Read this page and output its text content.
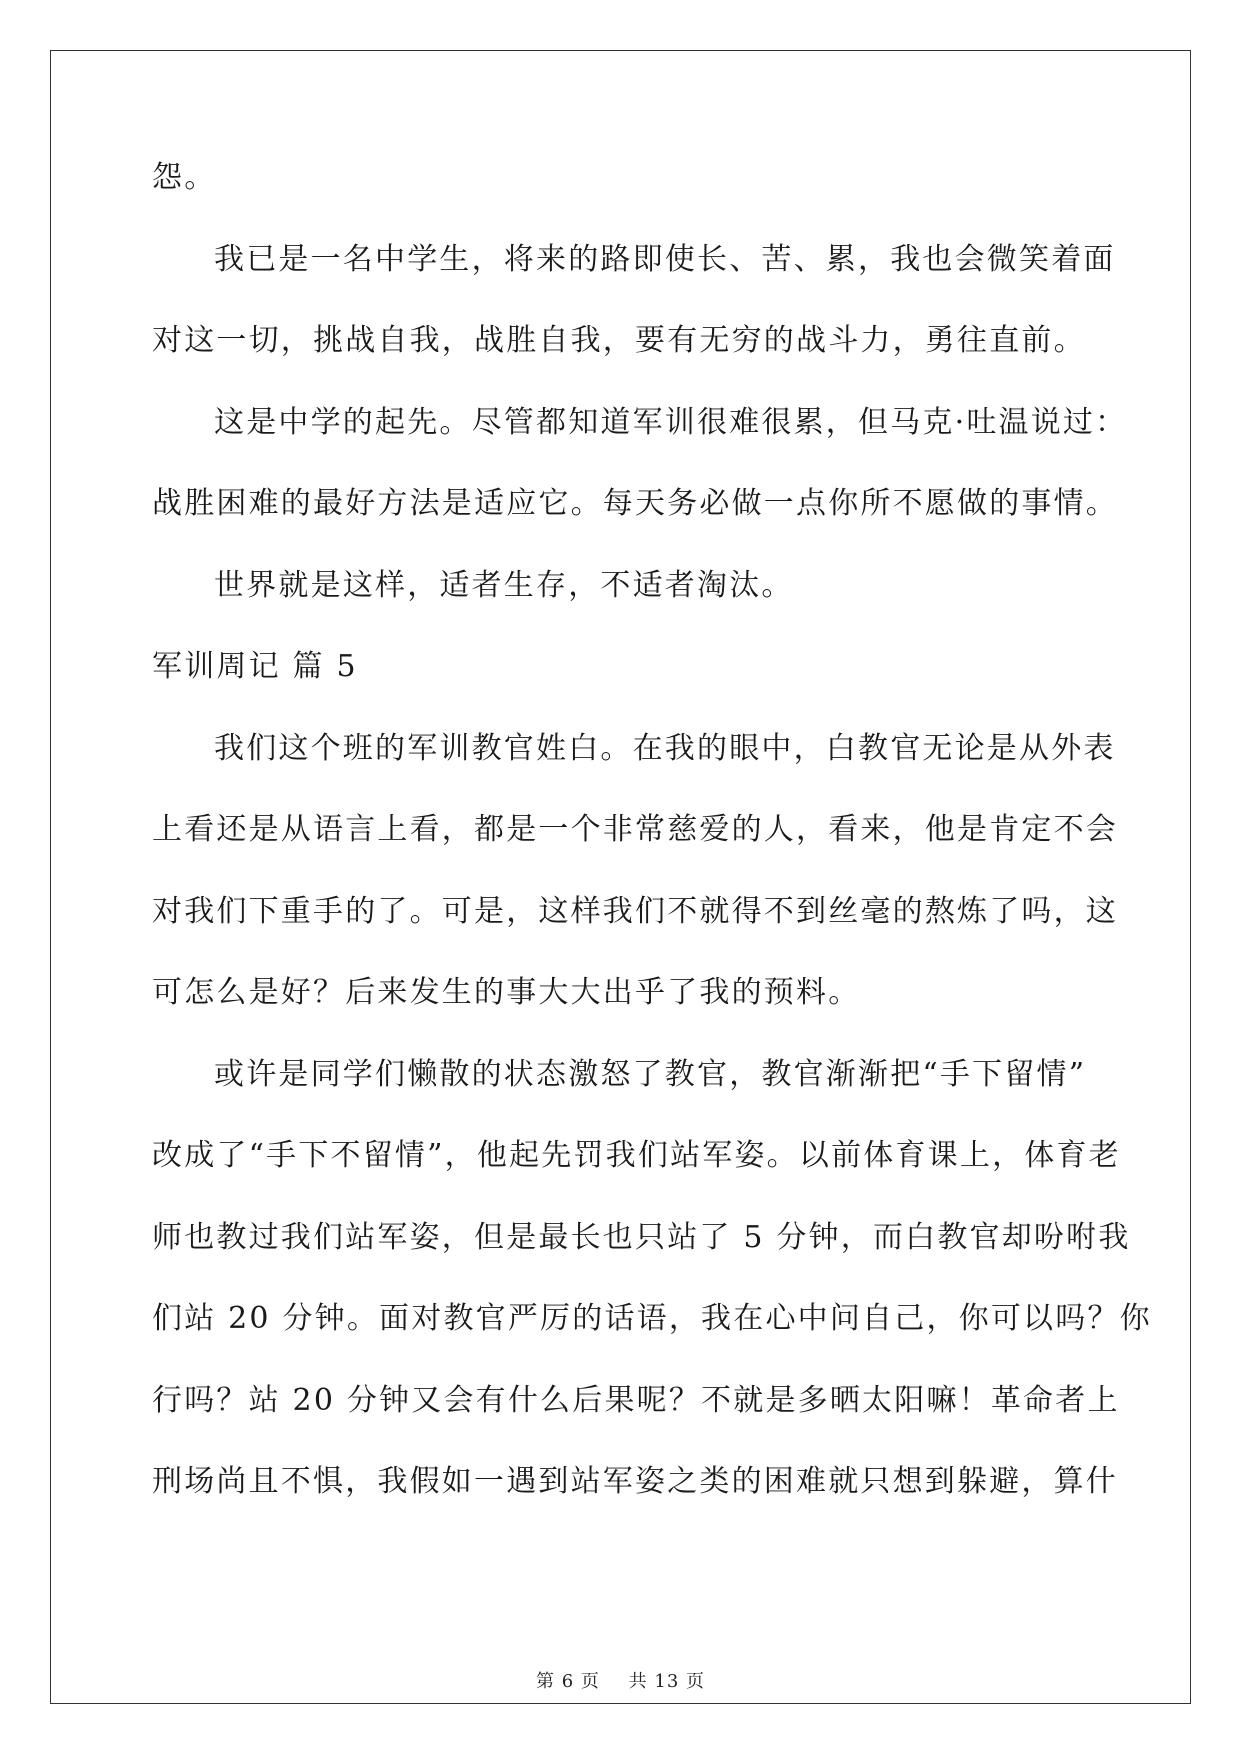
怨。
我已是一名中学生，将来的路即使长、苦、累，我也会微笑着面
对这一切，挑战自我，战胜自我，要有无穷的战斗力，勇往直前。
这是中学的起先。尽管都知道军训很难很累，但马克·吐温说过：
战胜困难的最好方法是适应它。每天务必做一点你所不愿做的事情。
世界就是这样，适者生存，不适者淘汰。
军训周记 篇 5
我们这个班的军训教官姓白。在我的眼中，白教官无论是从外表
上看还是从语言上看，都是一个非常慈爱的人，看来，他是肯定不会
对我们下重手的了。可是，这样我们不就得不到丝毫的熬炼了吗，这
可怎么是好？后来发生的事大大出乎了我的预料。
或许是同学们懒散的状态激怒了教官，教官渐渐把“手下留情”
改成了“手下不留情”，他起先罚我们站军姿。以前体育课上，体育老
师也教过我们站军姿，但是最长也只站了 5 分钟，而白教官却吩咐我
们站 20 分钟。面对教官严厉的话语，我在心中问自己，你可以吗？你
行吗？站 20 分钟又会有什么后果呢？不就是多晒太阳嘛！革命者上
刑场尚且不惧，我假如一遇到站军姿之类的困难就只想到躲避，算什
第 6 页 共 13 页
